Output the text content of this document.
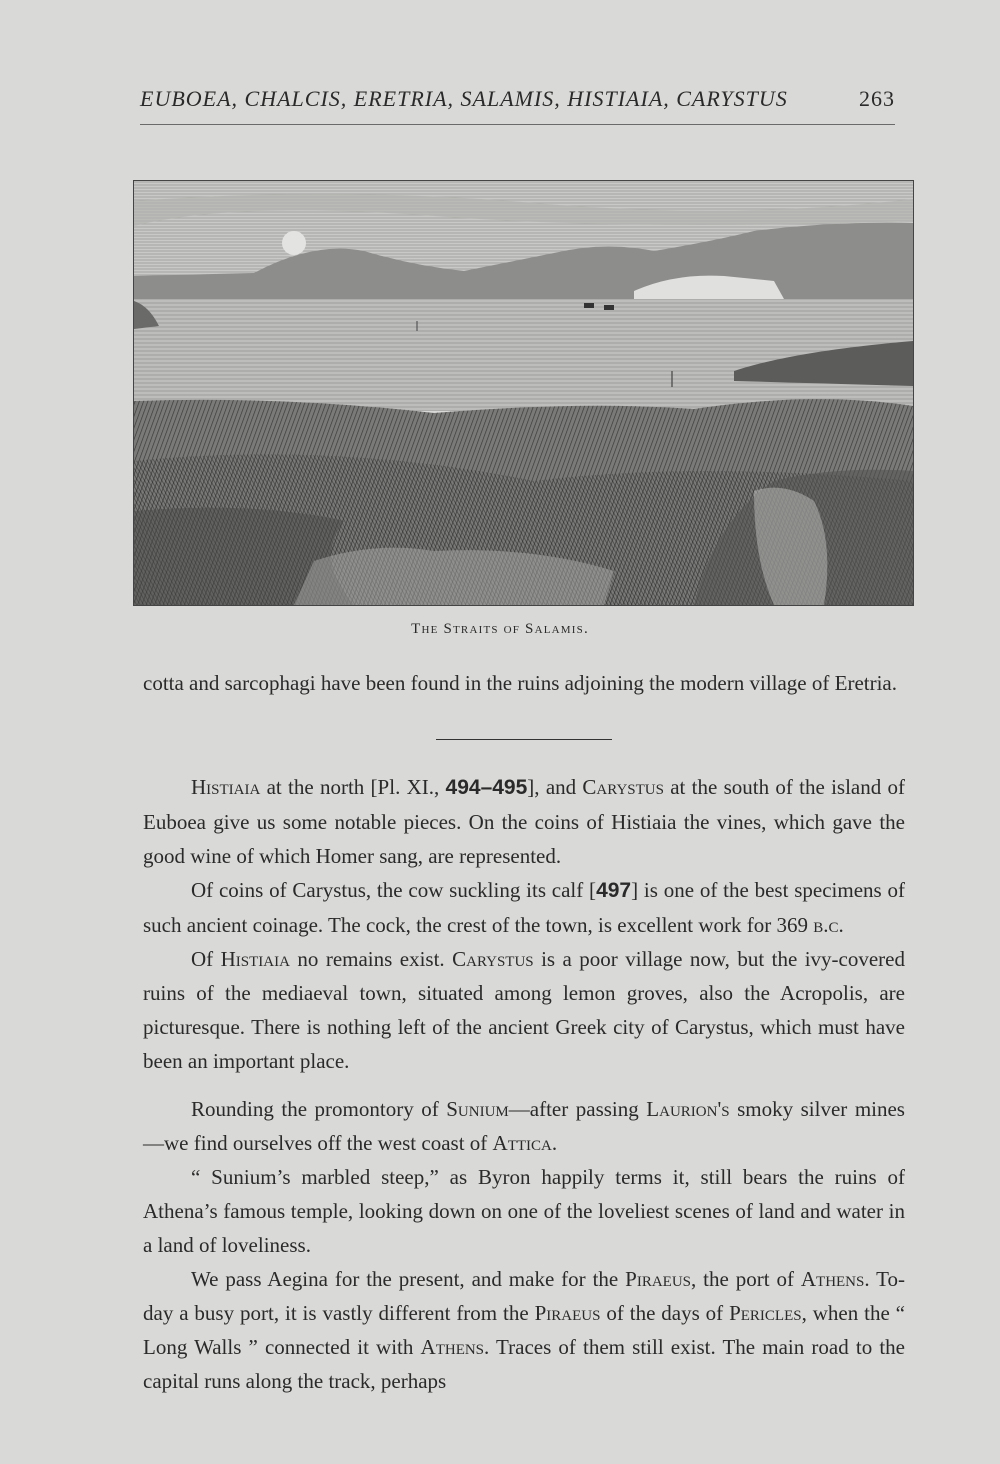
EUBOEA, CHALCIS, ERETRIA, SALAMIS, HISTIAIA, CARYSTUS	263
The Straits of Salamis.

cotta and sarcophagi have been found in the ruins adjoining the modern village of Eretria.

Histiaia at the north [Pl. XI., 494–495], and Carystus at the south of the island of Euboea give us some notable pieces. On the coins of Histiaia the vines, which gave the good wine of which Homer sang, are represented.

Of coins of Carystus, the cow suckling its calf [497] is one of the best specimens of such ancient coinage. The cock, the crest of the town, is excellent work for 369 b.c.

Of Histiaia no remains exist. Carystus is a poor village now, but the ivy-covered ruins of the mediaeval town, situated among lemon groves, also the Acropolis, are picturesque. There is nothing left of the ancient Greek city of Carystus, which must have been an important place.

Rounding the promontory of Sunium—after passing Laurion's smoky silver mines—we find ourselves off the west coast of Attica.

“ Sunium’s marbled steep,” as Byron happily terms it, still bears the ruins of Athena’s famous temple, looking down on one of the loveliest scenes of land and water in a land of loveliness.

We pass Aegina for the present, and make for the Piraeus, the port of Athens. To-day a busy port, it is vastly different from the Piraeus of the days of Pericles, when the “ Long Walls ” connected it with Athens. Traces of them still exist. The main road to the capital runs along the track, perhaps
